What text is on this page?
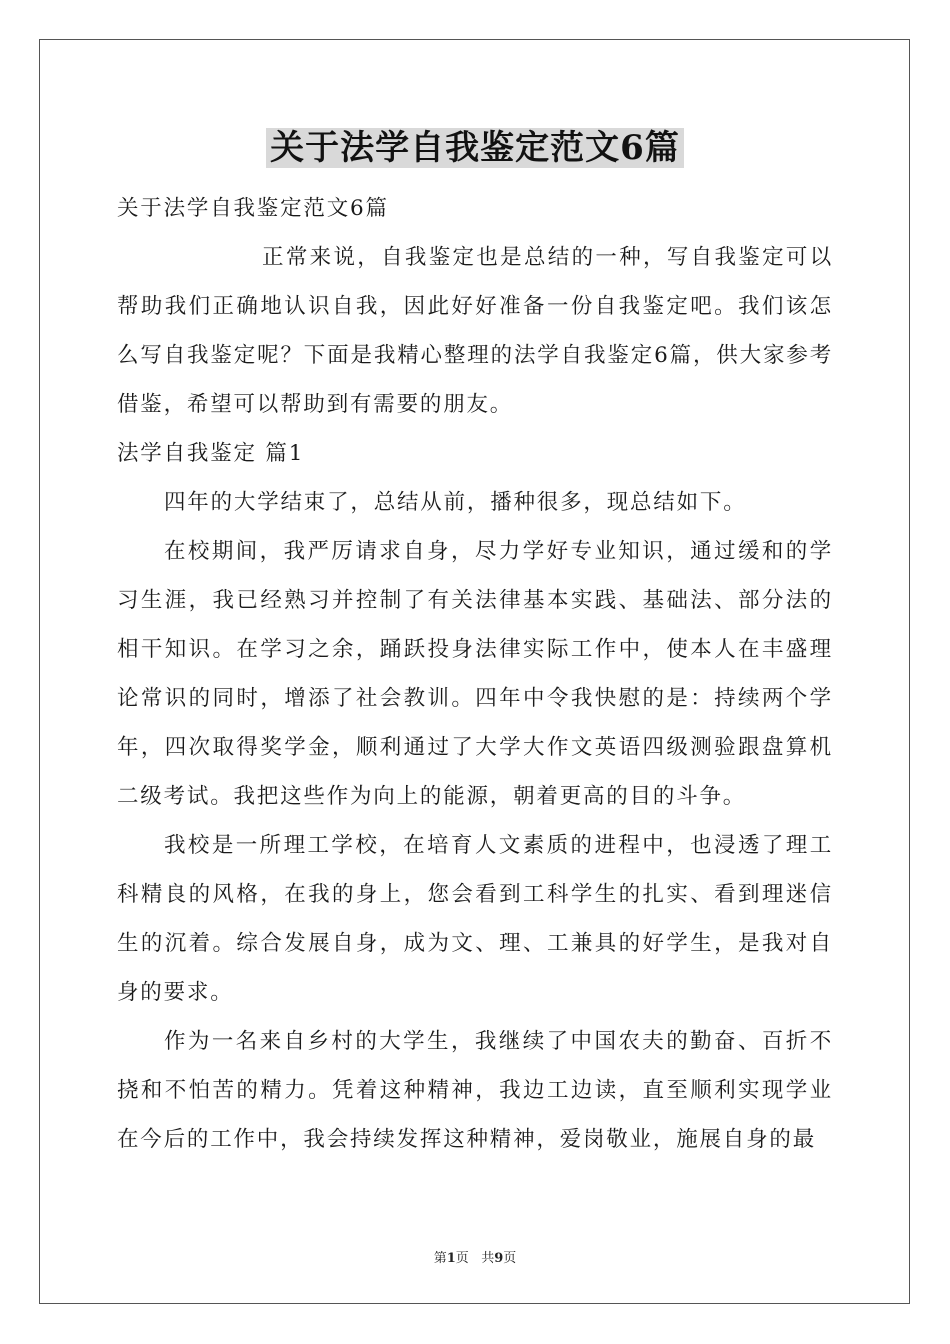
关于法学自我鉴定范文6篇

关于法学自我鉴定范文6篇

正常来说，自我鉴定也是总结的一种，写自我鉴定可以帮助我们正确地认识自我，因此好好准备一份自我鉴定吧。我们该怎么写自我鉴定呢？下面是我精心整理的法学自我鉴定6篇，供大家参考借鉴，希望可以帮助到有需要的朋友。

法学自我鉴定 篇1

四年的大学结束了，总结从前，播种很多，现总结如下。

在校期间，我严厉请求自身，尽力学好专业知识，通过缓和的学习生涯，我已经熟习并控制了有关法律基本实践、基础法、部分法的相干知识。在学习之余，踊跃投身法律实际工作中，使本人在丰盛理论常识的同时，增添了社会教训。四年中令我快慰的是：持续两个学年，四次取得奖学金，顺利通过了大学大作文英语四级测验跟盘算机二级考试。我把这些作为向上的能源，朝着更高的目的斗争。

我校是一所理工学校，在培育人文素质的进程中，也浸透了理工科精良的风格，在我的身上，您会看到工科学生的扎实、看到理迷信生的沉着。综合发展自身，成为文、理、工兼具的好学生，是我对自身的要求。

作为一名来自乡村的大学生，我继续了中国农夫的勤奋、百折不挠和不怕苦的精力。凭着这种精神，我边工边读，直至顺利实现学业在今后的工作中，我会持续发挥这种精神，爱岗敬业，施展自身的最

第1页 共9页
